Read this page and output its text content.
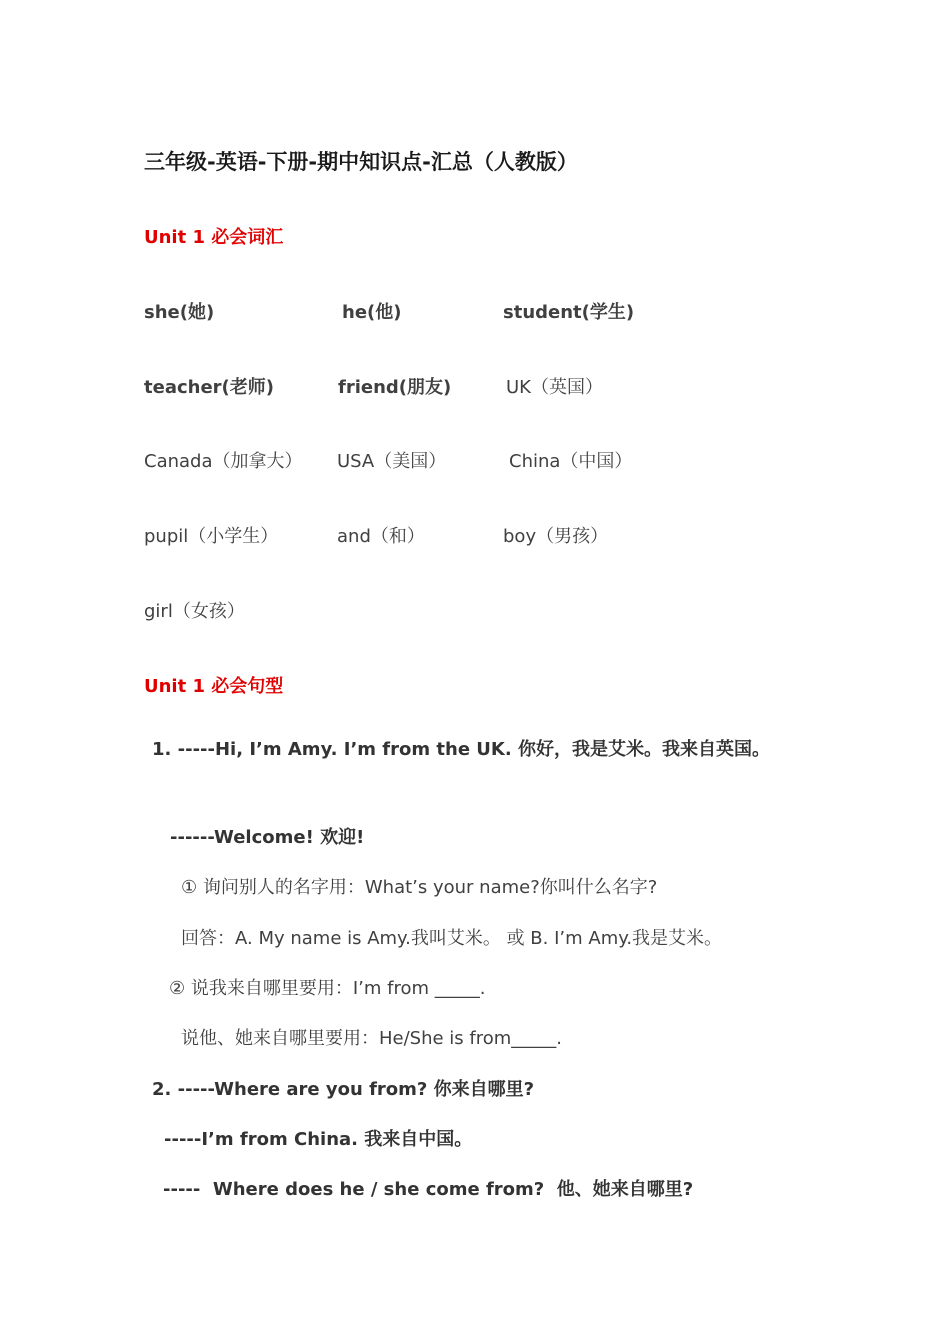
三年级-英语-下册-期中知识点-汇总（人教版）
Unit 1 必会词汇
she(她)	he(他)	student(学生)
teacher(老师)	friend(朋友)	UK（英国）
Canada（加拿大） USA（美国）	China（中国）
pupil（小学生）	and（和）	boy（男孩）
girl（女孩）
Unit 1 必会句型
1. -----Hi, I’m Amy. I’m from the UK. 你好，我是艾米。我来自英国。
------Welcome! 欢迎!
① 询问别人的名字用：What’s your name?你叫什么名字?
回答：A. My name is Amy.我叫艾米。 或 B. I’m Amy.我是艾米。
② 说我来自哪里要用：I’m from _____.
说他、她来自哪里要用：He/She is from_____.
2. -----Where are you from? 你来自哪里?
-----I’m from China. 我来自中国。
-----  Where does he / she come from?  他、她来自哪里?
